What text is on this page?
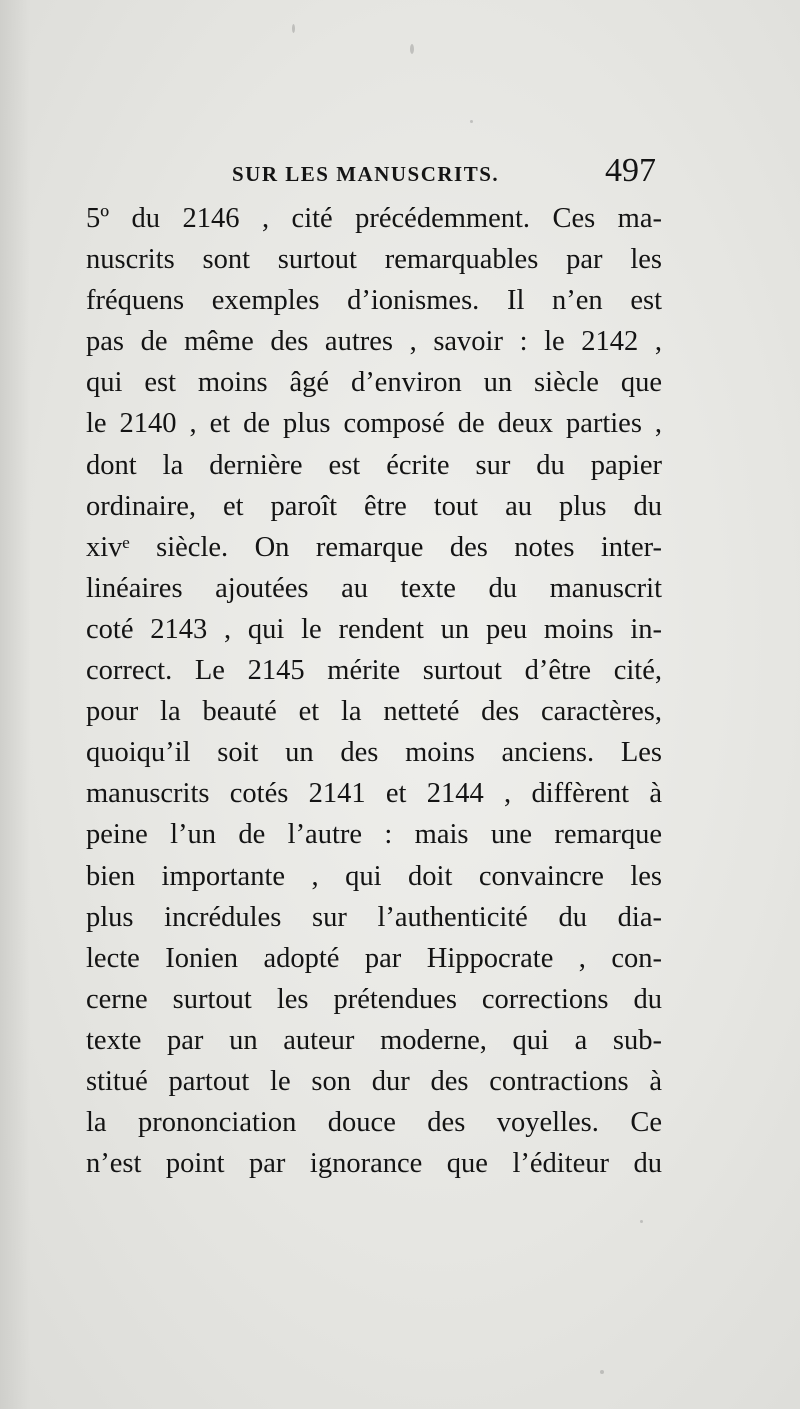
SUR LES MANUSCRITS.	497
5º du 2146 , cité précédemment. Ces ma-
nuscrits sont surtout remarquables par les
fréquens exemples d’ionismes. Il n’en est
pas de même des autres , savoir : le 2142 ,
qui est moins âgé d’environ un siècle que
le 2140 , et de plus composé de deux parties ,
dont la dernière est écrite sur du papier
ordinaire, et paroît être tout au plus du
xivᵉ siècle. On remarque des notes inter-
linéaires ajoutées au texte du manuscrit
coté 2143 , qui le rendent un peu moins in-
correct. Le 2145 mérite surtout d’être cité,
pour la beauté et la netteté des caractères,
quoiqu’il soit un des moins anciens. Les
manuscrits cotés 2141 et 2144 , diffèrent à
peine l’un de l’autre : mais une remarque
bien importante , qui doit convaincre les
plus incrédules sur l’authenticité du dia-
lecte Ionien adopté par Hippocrate , con-
cerne surtout les prétendues corrections du
texte par un auteur moderne, qui a sub-
stitué partout le son dur des contractions à
la prononciation douce des voyelles. Ce
n’est point par ignorance que l’éditeur du
